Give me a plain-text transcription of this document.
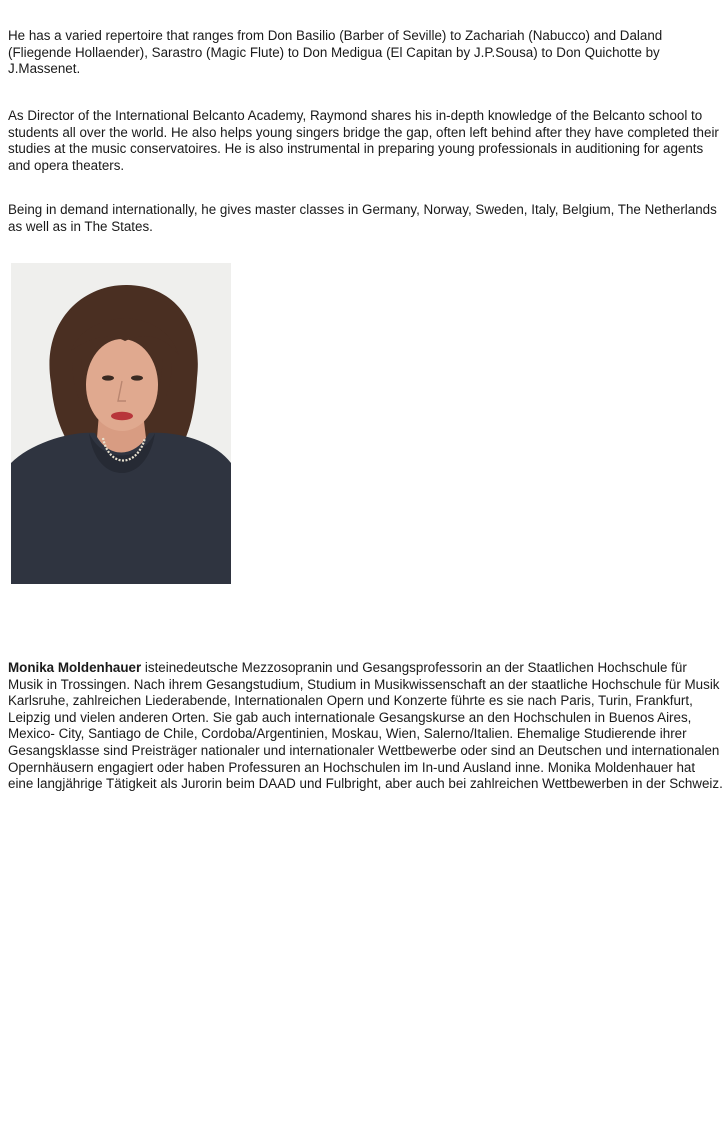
He has a varied repertoire that ranges from Don Basilio (Barber of Seville) to Zachariah (Nabucco) and Daland (Fliegende Hollaender), Sarastro (Magic Flute) to Don Medigua (El Capitan by J.P.Sousa) to Don Quichotte by J.Massenet.

As Director of the International Belcanto Academy, Raymond shares his in-depth knowledge of the Belcanto school to students all over the world. He also helps young singers bridge the gap, often left behind after they have completed their studies at the music conservatoires. He is also instrumental in preparing young professionals in auditioning for agents and opera theaters.

Being in demand internationally, he gives master classes in Germany, Norway, Sweden, Italy, Belgium, The Netherlands as well as in The States.

Monika Moldenhauer isteinedeutsche Mezzosopranin und Gesangsprofessorin an der Staatlichen Hochschule für Musik in Trossingen. Nach ihrem Gesangstudium, Studium in Musikwissenschaft an der staatliche Hochschule für Musik Karlsruhe, zahlreichen Liederabende, Internationalen Opern und Konzerte führte es sie nach Paris, Turin, Frankfurt, Leipzig und vielen anderen Orten. Sie gab auch internationale Gesangskurse an den Hochschulen in Buenos Aires, Mexico- City, Santiago de Chile, Cordoba/Argentinien, Moskau, Wien, Salerno/Italien. Ehemalige Studierende ihrer Gesangsklasse sind Preisträger nationaler und internationaler Wettbewerbe oder sind an Deutschen und internationalen Opernhäusern engagiert oder haben Professuren an Hochschulen im In-und Ausland inne. Monika Moldenhauer hat eine langjährige Tätigkeit als Jurorin beim DAAD und Fulbright, aber auch bei zahlreichen Wettbewerben in der Schweiz.
